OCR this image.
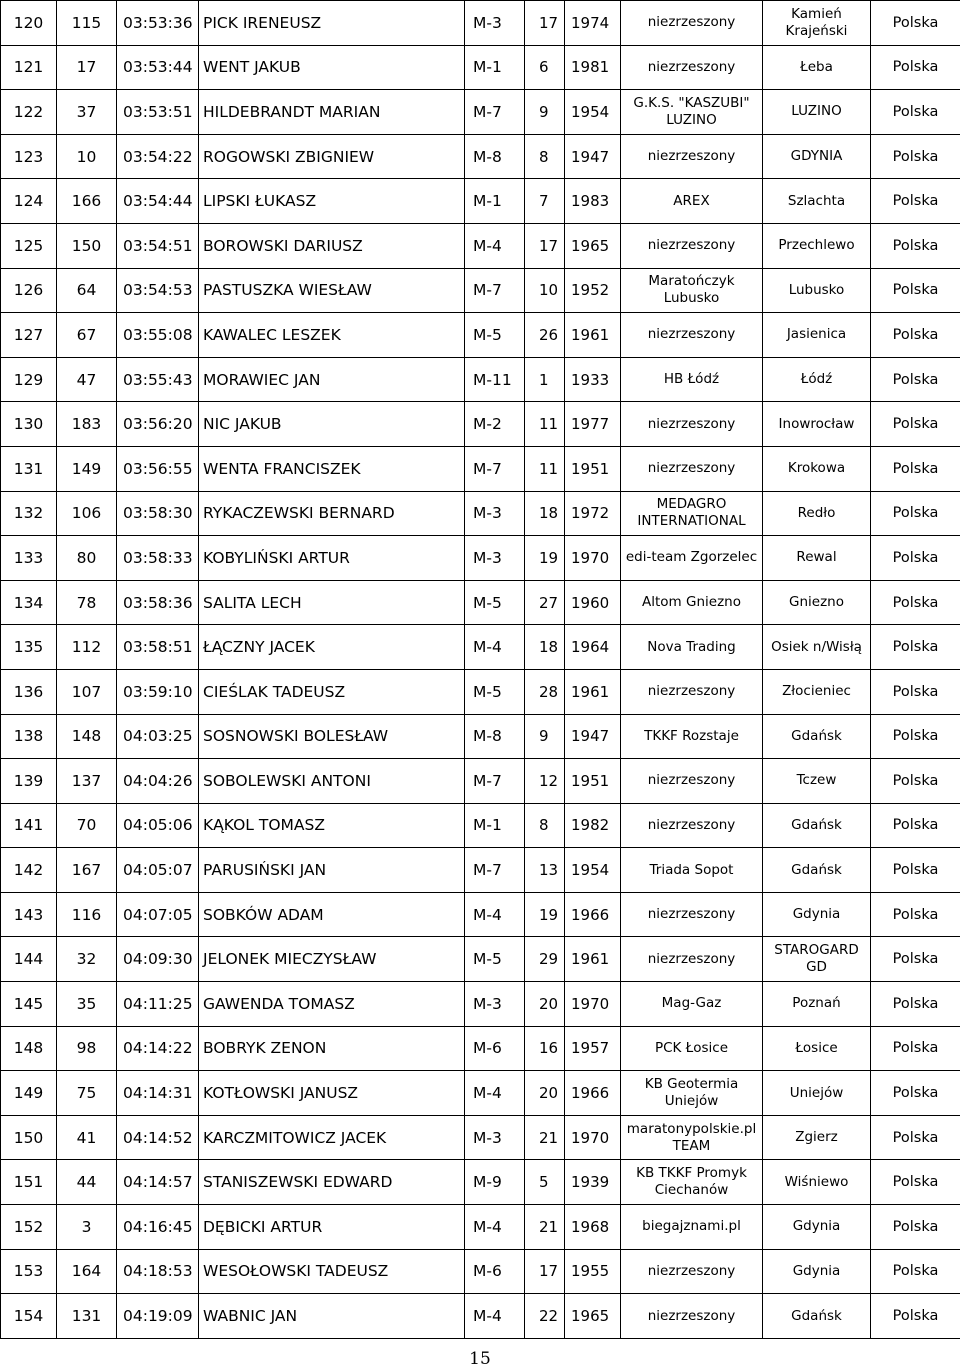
120	115	03:53:36	PICK IRENEUSZ	M-3	17	1974	niezrzeszony	Kamień Krajeński	Polska
121	17	03:53:44	WENT JAKUB	M-1	6	1981	niezrzeszony	Łeba	Polska
122	37	03:53:51	HILDEBRANDT MARIAN	M-7	9	1954	G.K.S. "KASZUBI" LUZINO	LUZINO	Polska
123	10	03:54:22	ROGOWSKI ZBIGNIEW	M-8	8	1947	niezrzeszony	GDYNIA	Polska
124	166	03:54:44	LIPSKI ŁUKASZ	M-1	7	1983	AREX	Szlachta	Polska
125	150	03:54:51	BOROWSKI DARIUSZ	M-4	17	1965	niezrzeszony	Przechlewo	Polska
126	64	03:54:53	PASTUSZKA WIESŁAW	M-7	10	1952	Maratończyk Lubusko	Lubusko	Polska
127	67	03:55:08	KAWALEC LESZEK	M-5	26	1961	niezrzeszony	Jasienica	Polska
129	47	03:55:43	MORAWIEC JAN	M-11	1	1933	HB Łódź	Łódź	Polska
130	183	03:56:20	NIC JAKUB	M-2	11	1977	niezrzeszony	Inowrocław	Polska
131	149	03:56:55	WENTA FRANCISZEK	M-7	11	1951	niezrzeszony	Krokowa	Polska
132	106	03:58:30	RYKACZEWSKI BERNARD	M-3	18	1972	MEDAGRO INTERNATIONAL	Redło	Polska
133	80	03:58:33	KOBYLIŃSKI ARTUR	M-3	19	1970	edi-team Zgorzelec	Rewal	Polska
134	78	03:58:36	SALITA LECH	M-5	27	1960	Altom Gniezno	Gniezno	Polska
135	112	03:58:51	ŁĄCZNY JACEK	M-4	18	1964	Nova Trading	Osiek n/Wisłą	Polska
136	107	03:59:10	CIEŚLAK TADEUSZ	M-5	28	1961	niezrzeszony	Złocieniec	Polska
138	148	04:03:25	SOSNOWSKI BOLESŁAW	M-8	9	1947	TKKF Rozstaje	Gdańsk	Polska
139	137	04:04:26	SOBOLEWSKI ANTONI	M-7	12	1951	niezrzeszony	Tczew	Polska
141	70	04:05:06	KĄKOL TOMASZ	M-1	8	1982	niezrzeszony	Gdańsk	Polska
142	167	04:05:07	PARUSIŃSKI JAN	M-7	13	1954	Triada Sopot	Gdańsk	Polska
143	116	04:07:05	SOBKÓW ADAM	M-4	19	1966	niezrzeszony	Gdynia	Polska
144	32	04:09:30	JELONEK MIECZYSŁAW	M-5	29	1961	niezrzeszony	STAROGARD GD	Polska
145	35	04:11:25	GAWENDA TOMASZ	M-3	20	1970	Mag-Gaz	Poznań	Polska
148	98	04:14:22	BOBRYK ZENON	M-6	16	1957	PCK Łosice	Łosice	Polska
149	75	04:14:31	KOTŁOWSKI JANUSZ	M-4	20	1966	KB Geotermia Uniejów	Uniejów	Polska
150	41	04:14:52	KARCZMITOWICZ JACEK	M-3	21	1970	maratonypolskie.pl TEAM	Zgierz	Polska
151	44	04:14:57	STANISZEWSKI EDWARD	M-9	5	1939	KB TKKF Promyk Ciechanów	Wiśniewo	Polska
152	3	04:16:45	DĘBICKI ARTUR	M-4	21	1968	biegajznami.pl	Gdynia	Polska
153	164	04:18:53	WESOŁOWSKI TADEUSZ	M-6	17	1955	niezrzeszony	Gdynia	Polska
154	131	04:19:09	WABNIC JAN	M-4	22	1965	niezrzeszony	Gdańsk	Polska
15
